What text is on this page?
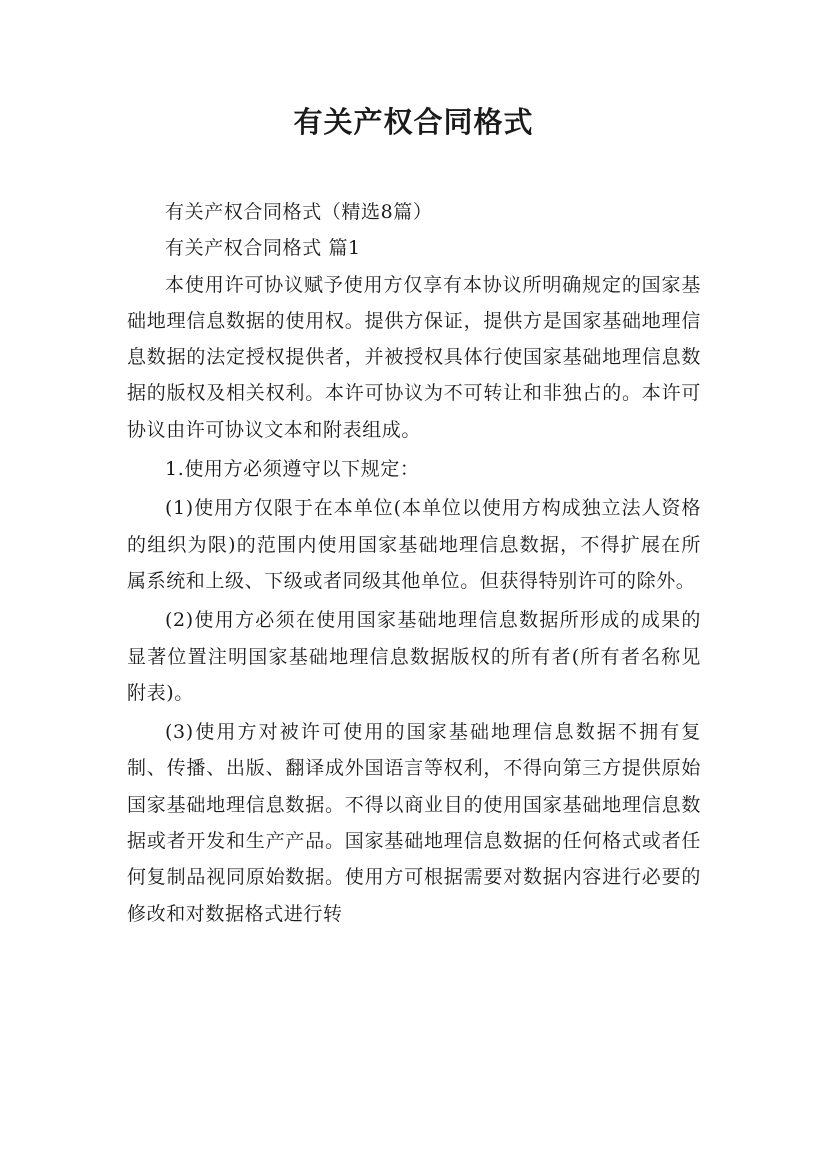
有关产权合同格式

有关产权合同格式（精选8篇）

有关产权合同格式 篇1

本使用许可协议赋予使用方仅享有本协议所明确规定的国家基础地理信息数据的使用权。提供方保证，提供方是国家基础地理信息数据的法定授权提供者，并被授权具体行使国家基础地理信息数据的版权及相关权利。本许可协议为不可转让和非独占的。本许可协议由许可协议文本和附表组成。

1.使用方必须遵守以下规定：

(1)使用方仅限于在本单位(本单位以使用方构成独立法人资格的组织为限)的范围内使用国家基础地理信息数据，不得扩展在所属系统和上级、下级或者同级其他单位。但获得特别许可的除外。

(2)使用方必须在使用国家基础地理信息数据所形成的成果的显著位置注明国家基础地理信息数据版权的所有者(所有者名称见附表)。

(3)使用方对被许可使用的国家基础地理信息数据不拥有复制、传播、出版、翻译成外国语言等权利，不得向第三方提供原始国家基础地理信息数据。不得以商业目的使用国家基础地理信息数据或者开发和生产产品。国家基础地理信息数据的任何格式或者任何复制品视同原始数据。使用方可根据需要对数据内容进行必要的修改和对数据格式进行转
